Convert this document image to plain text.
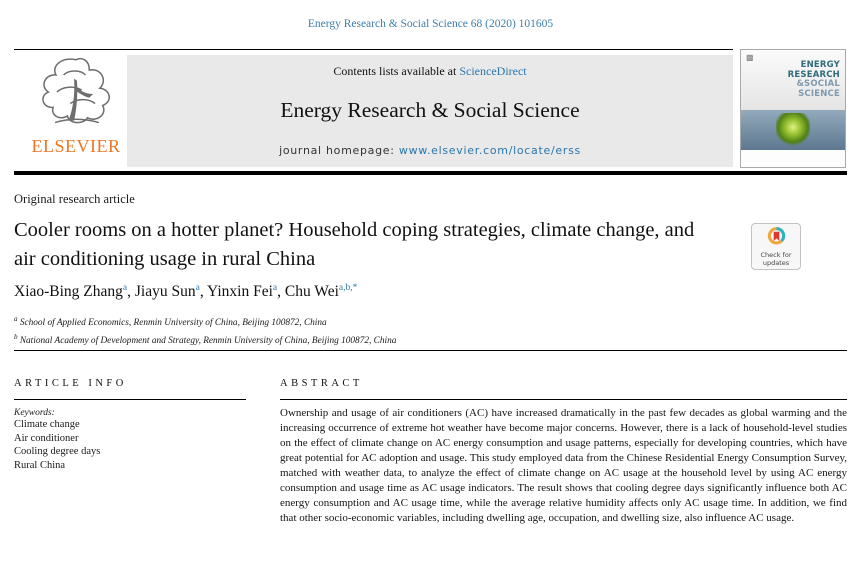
Energy Research & Social Science 68 (2020) 101605
ELSEVIER
Contents lists available at ScienceDirect
Energy Research & Social Science
journal homepage: www.elsevier.com/locate/erss
▩
ENERGY
RESEARCH
&SOCIAL
SCIENCE
Original research article
Cooler rooms on a hotter planet? Household coping strategies, climate change, and air conditioning usage in rural China
Xiao-Bing Zhang$^a$, Jiayu Sun$^a$, Yinxin Fei$^a$, Chu Wei$^{a,b,*}$
$^a$ School of Applied Economics, Renmin University of China, Beijing 100872, China
$^b$ National Academy of Development and Strategy, Renmin University of China, Beijing 100872, China
Check for
updates
ARTICLE INFO
Keywords:
Climate change
Air conditioner
Cooling degree days
Rural China
ABSTRACT
Ownership and usage of air conditioners (AC) have increased dramatically in the past few decades as global warming and the increasing occurrence of extreme hot weather have become major concerns. However, there is a lack of household-level studies on the effect of climate change on AC energy consumption and usage patterns, especially for developing countries, which have great potential for AC adoption and usage. This study employed data from the Chinese Residential Energy Consumption Survey, matched with weather data, to analyze the effect of climate change on AC usage at the household level by using AC energy consumption and usage time as AC usage indicators. The result shows that cooling degree days significantly influence both AC energy consumption and AC usage time, while the average relative humidity affects only AC usage time. In addition, we find that other socio-economic variables, including dwelling age, occupation, and dwelling size, also influence AC usage.
